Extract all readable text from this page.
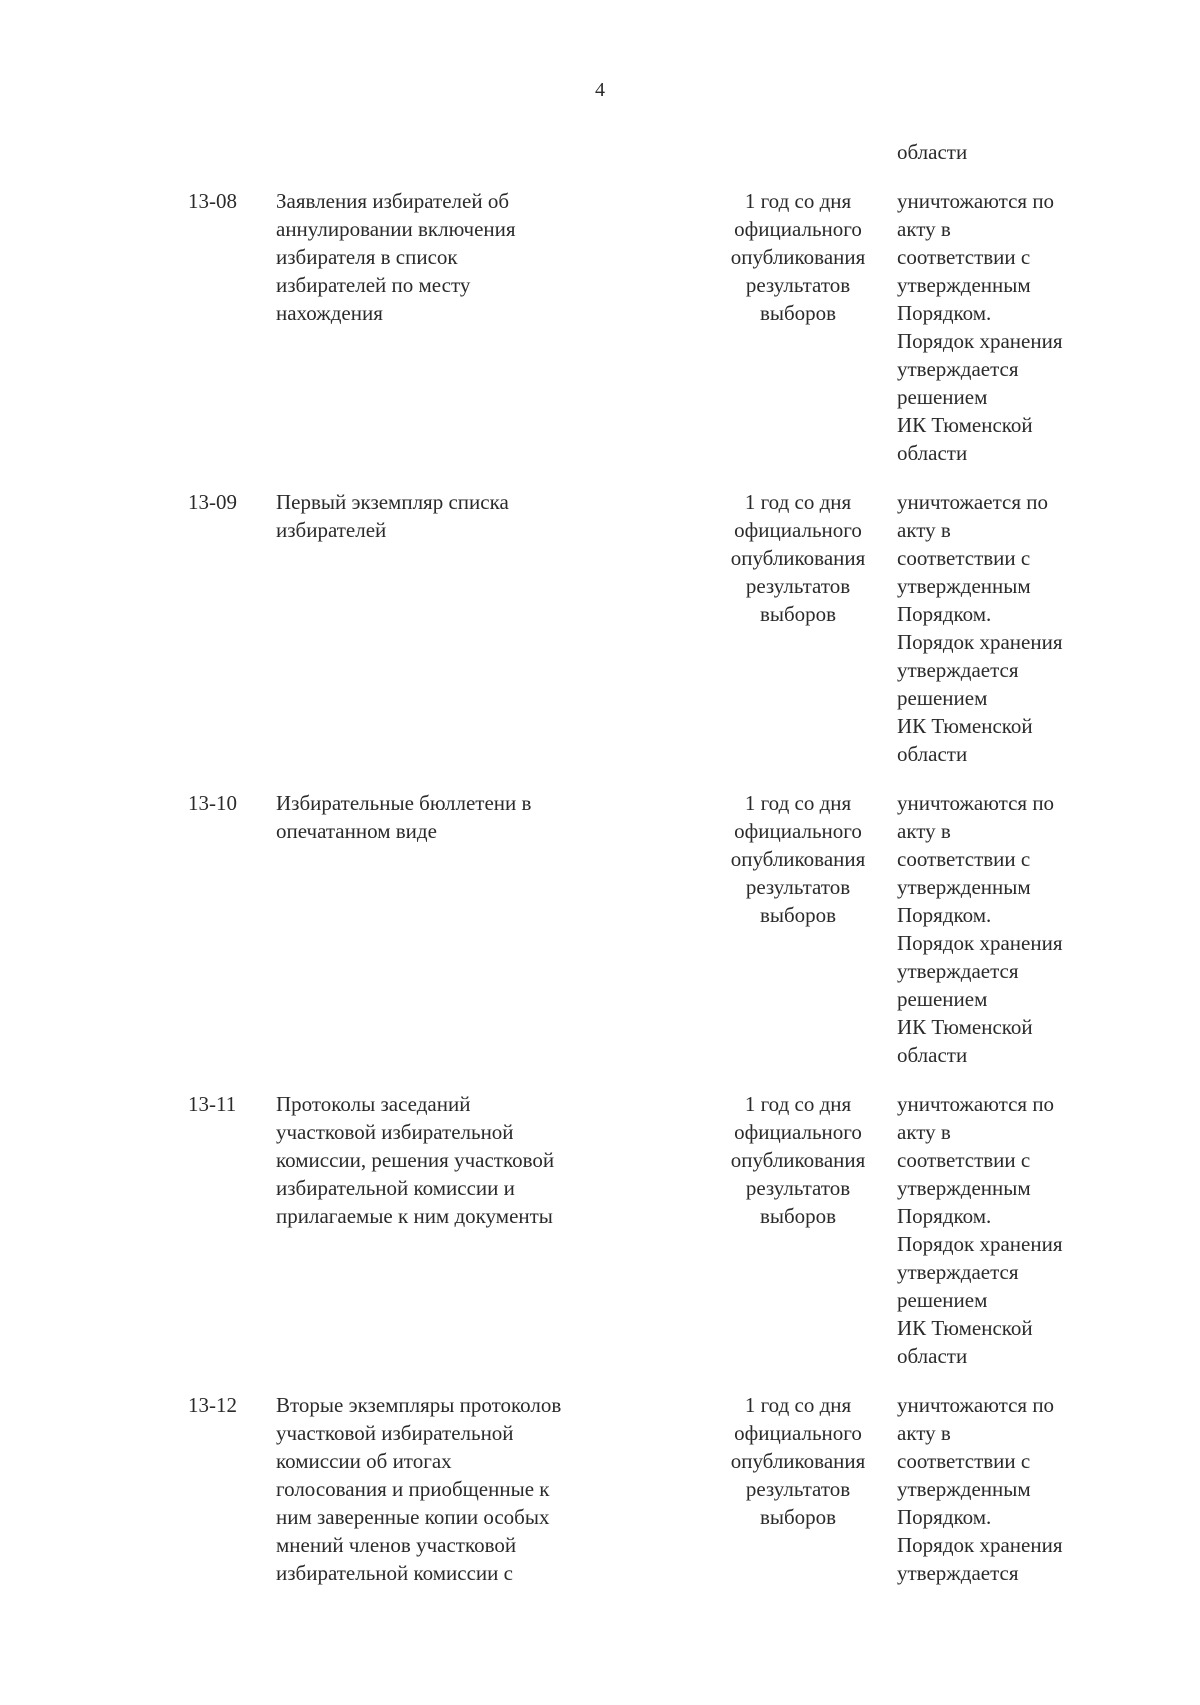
4
области
13-08 Заявления избирателей об
аннулировании включения
избирателя в список
избирателей по месту
нахождения
1 год со дня
официального
опубликования
результатов
выборов
уничтожаются по
акту в
соответствии с
утвержденным
Порядком.
Порядок хранения
утверждается
решением
ИК Тюменской
области
13-09 Первый экземпляр списка
избирателей
1 год со дня
официального
опубликования
результатов
выборов
уничтожается по
акту в
соответствии с
утвержденным
Порядком.
Порядок хранения
утверждается
решением
ИК Тюменской
области
13-10 Избирательные бюллетени в
опечатанном виде
1 год со дня
официального
опубликования
результатов
выборов
уничтожаются по
акту в
соответствии с
утвержденным
Порядком.
Порядок хранения
утверждается
решением
ИК Тюменской
области
13-11 Протоколы заседаний
участковой избирательной
комиссии, решения участковой
избирательной комиссии и
прилагаемые к ним документы
1 год со дня
официального
опубликования
результатов
выборов
уничтожаются по
акту в
соответствии с
утвержденным
Порядком.
Порядок хранения
утверждается
решением
ИК Тюменской
области
13-12 Вторые экземпляры протоколов
участковой избирательной
комиссии об итогах
голосования и приобщенные к
ним заверенные копии особых
мнений членов участковой
избирательной комиссии с
1 год со дня
официального
опубликования
результатов
выборов
уничтожаются по
акту в
соответствии с
утвержденным
Порядком.
Порядок хранения
утверждается
